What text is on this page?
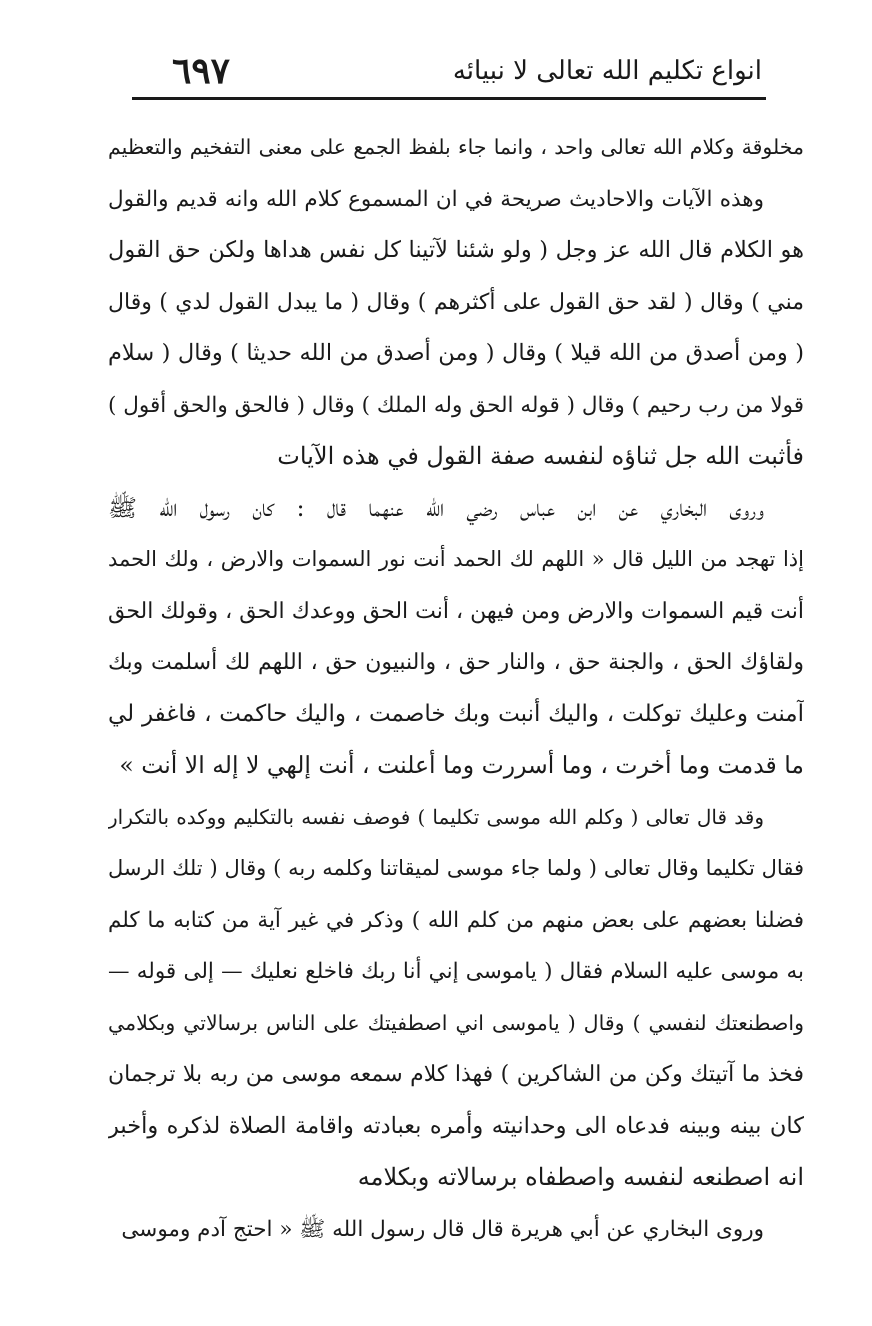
انواع تكليم الله تعالى لا نبيائه
٦٩٧
مخلوقة وكلام الله تعالى واحد ، وانما جاء بلفظ الجمع على معنى التفخيم والتعظيم
وهذه الآيات والاحاديث صريحة في ان المسموع كلام الله وانه قديم والقول
هو الكلام قال الله عز وجل ( ولو شئنا لآتينا كل نفس هداها ولكن حق القول
مني ) وقال ( لقد حق القول على أكثرهم ) وقال ( ما يبدل القول لدي ) وقال
( ومن أصدق من الله قيلا ) وقال ( ومن أصدق من الله حديثا ) وقال ( سلام
قولا من رب رحيم ) وقال ( قوله الحق وله الملك ) وقال ( فالحق والحق أقول )
فأثبت الله جل ثناؤه لنفسه صفة القول في هذه الآيات
وروى البخاري عن ابن عباس رضي الله عنهما قال : كان رسول الله ﷺ
إذا تهجد من الليل قال « اللهم لك الحمد أنت نور السموات والارض ، ولك الحمد
أنت قيم السموات والارض ومن فيهن ، أنت الحق ووعدك الحق ، وقولك الحق
ولقاؤك الحق ، والجنة حق ، والنار حق ، والنبيون حق ، اللهم لك أسلمت وبك
آمنت وعليك توكلت ، واليك أنبت وبك خاصمت ، واليك حاكمت ، فاغفر لي
ما قدمت وما أخرت ، وما أسررت وما أعلنت ، أنت إلهي لا إله الا أنت »
وقد قال تعالى ( وكلم الله موسى تكليما ) فوصف نفسه بالتكليم ووكده بالتكرار
فقال تكليما وقال تعالى ( ولما جاء موسى لميقاتنا وكلمه ربه ) وقال ( تلك الرسل
فضلنا بعضهم على بعض منهم من كلم الله ) وذكر في غير آية من كتابه ما كلم
به موسى عليه السلام فقال ( ياموسى إني أنا ربك فاخلع نعليك — إلى قوله —
واصطنعتك لنفسي ) وقال ( ياموسى اني اصطفيتك على الناس برسالاتي وبكلامي
فخذ ما آتيتك وكن من الشاكرين ) فهذا كلام سمعه موسى من ربه بلا ترجمان
كان بينه وبينه فدعاه الى وحدانيته وأمره بعبادته واقامة الصلاة لذكره وأخبر
انه اصطنعه لنفسه واصطفاه برسالاته وبكلامه
وروى البخاري عن أبي هريرة قال قال رسول الله ﷺ « احتج آدم وموسى
